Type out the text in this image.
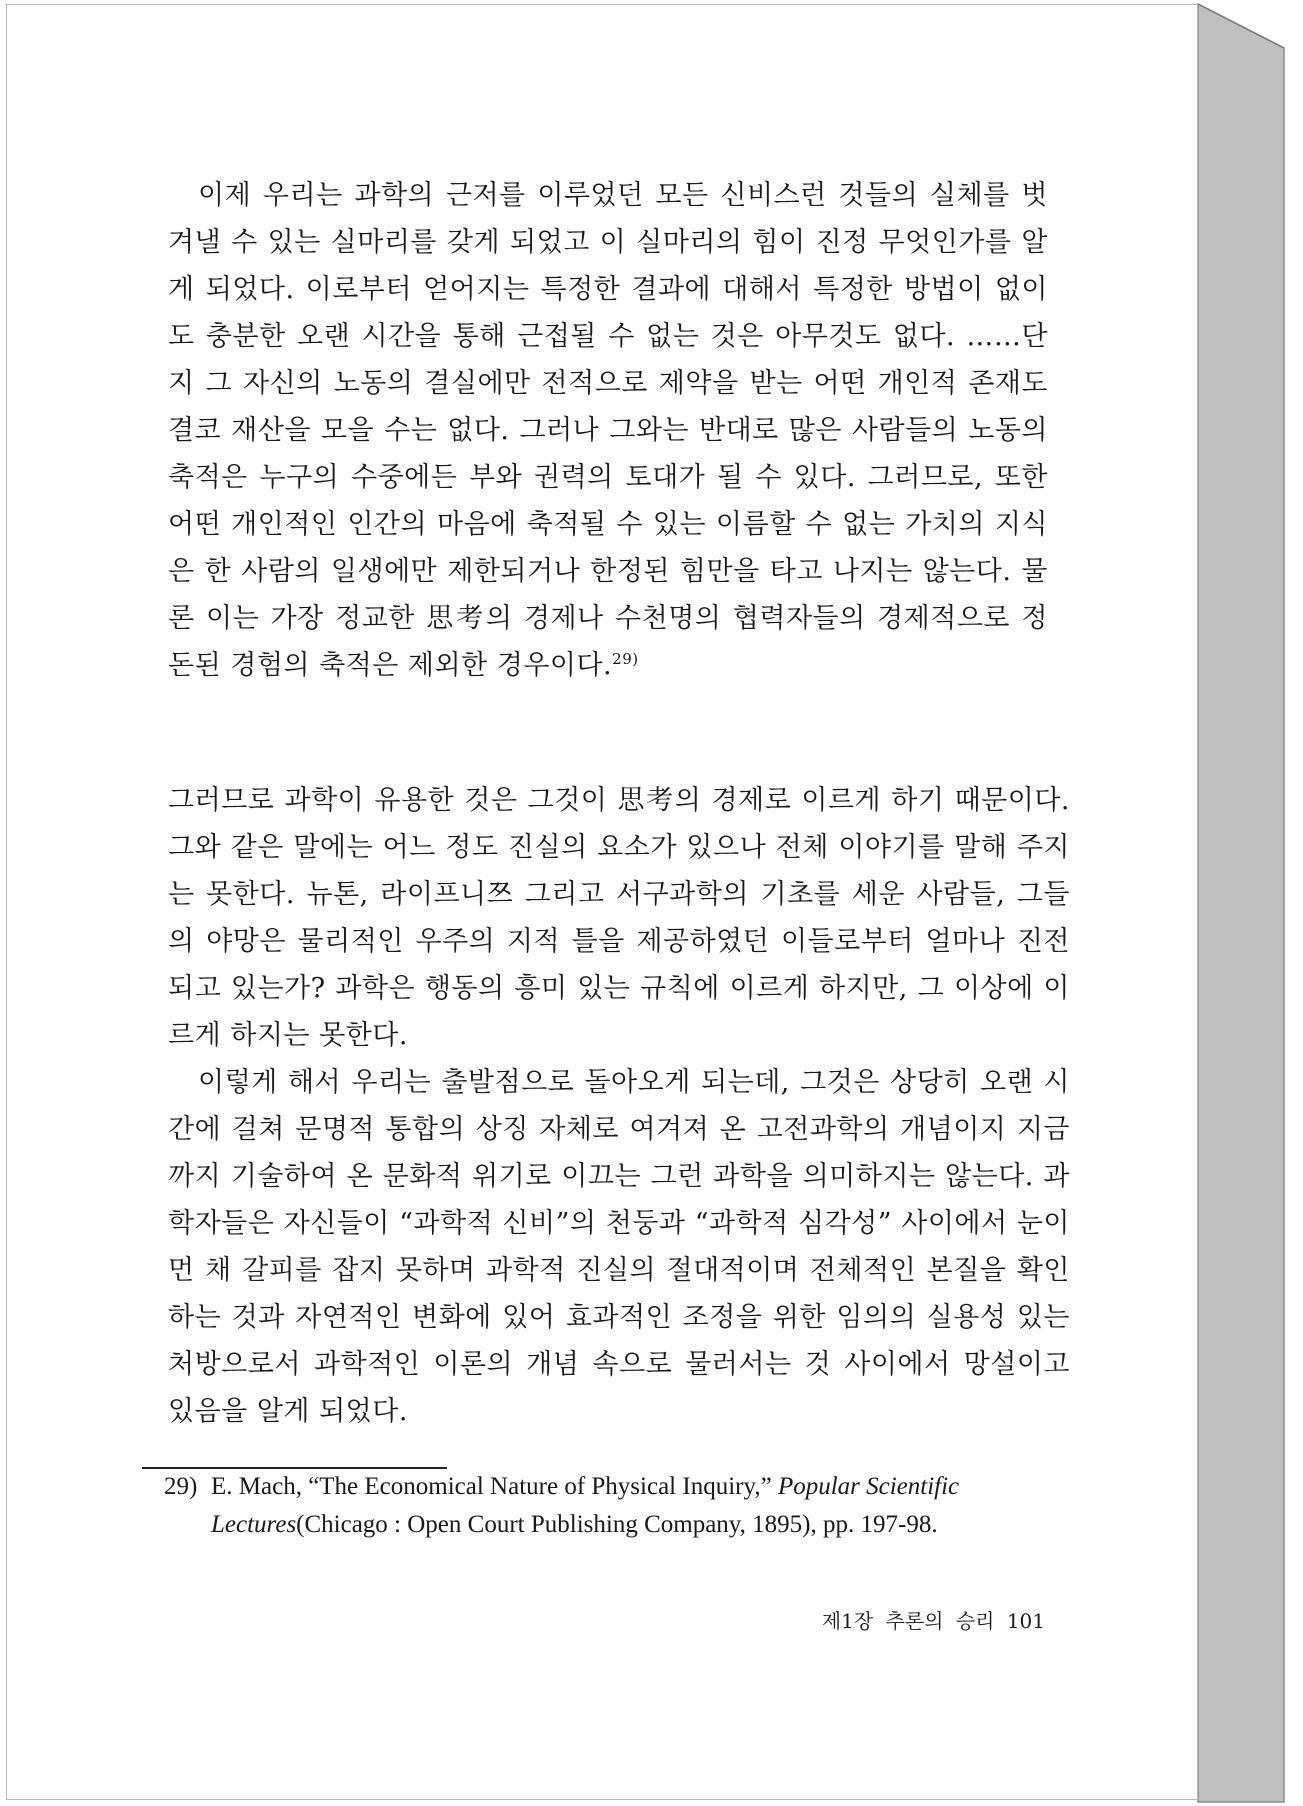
이제 우리는 과학의 근저를 이루었던 모든 신비스런 것들의 실체를 벗겨낼 수 있는 실마리를 갖게 되었고 이 실마리의 힘이 진정 무엇인가를 알게 되었다. 이로부터 얻어지는 특정한 결과에 대해서 특정한 방법이 없이도 충분한 오랜 시간을 통해 근접될 수 없는 것은 아무것도 없다. ……단지 그 자신의 노동의 결실에만 전적으로 제약을 받는 어떤 개인적 존재도 결코 재산을 모을 수는 없다. 그러나 그와는 반대로 많은 사람들의 노동의 축적은 누구의 수중에든 부와 권력의 토대가 될 수 있다. 그러므로, 또한 어떤 개인적인 인간의 마음에 축적될 수 있는 이름할 수 없는 가치의 지식은 한 사람의 일생에만 제한되거나 한정된 힘만을 타고 나지는 않는다. 물론 이는 가장 정교한 思考의 경제나 수천명의 협력자들의 경제적으로 정돈된 경험의 축적은 제외한 경우이다.$^{29)}$
그러므로 과학이 유용한 것은 그것이 思考의 경제로 이르게 하기 때문이다. 그와 같은 말에는 어느 정도 진실의 요소가 있으나 전체 이야기를 말해 주지는 못한다. 뉴톤, 라이프니쯔 그리고 서구과학의 기초를 세운 사람들, 그들의 야망은 물리적인 우주의 지적 틀을 제공하였던 이들로부터 얼마나 진전되고 있는가? 과학은 행동의 흥미 있는 규칙에 이르게 하지만, 그 이상에 이르게 하지는 못한다.
이렇게 해서 우리는 출발점으로 돌아오게 되는데, 그것은 상당히 오랜 시간에 걸쳐 문명적 통합의 상징 자체로 여겨져 온 고전과학의 개념이지 지금까지 기술하여 온 문화적 위기로 이끄는 그런 과학을 의미하지는 않는다. 과학자들은 자신들이 “과학적 신비”의 천둥과 “과학적 심각성” 사이에서 눈이 먼 채 갈피를 잡지 못하며 과학적 진실의 절대적이며 전체적인 본질을 확인하는 것과 자연적인 변화에 있어 효과적인 조정을 위한 임의의 실용성 있는 처방으로서 과학적인 이론의 개념 속으로 물러서는 것 사이에서 망설이고 있음을 알게 되었다.
29) E. Mach, “The Economical Nature of Physical Inquiry,” Popular Scientific Lectures(Chicago : Open Court Publishing Company, 1895), pp. 197-98.
제1장 추론의 승리 101
